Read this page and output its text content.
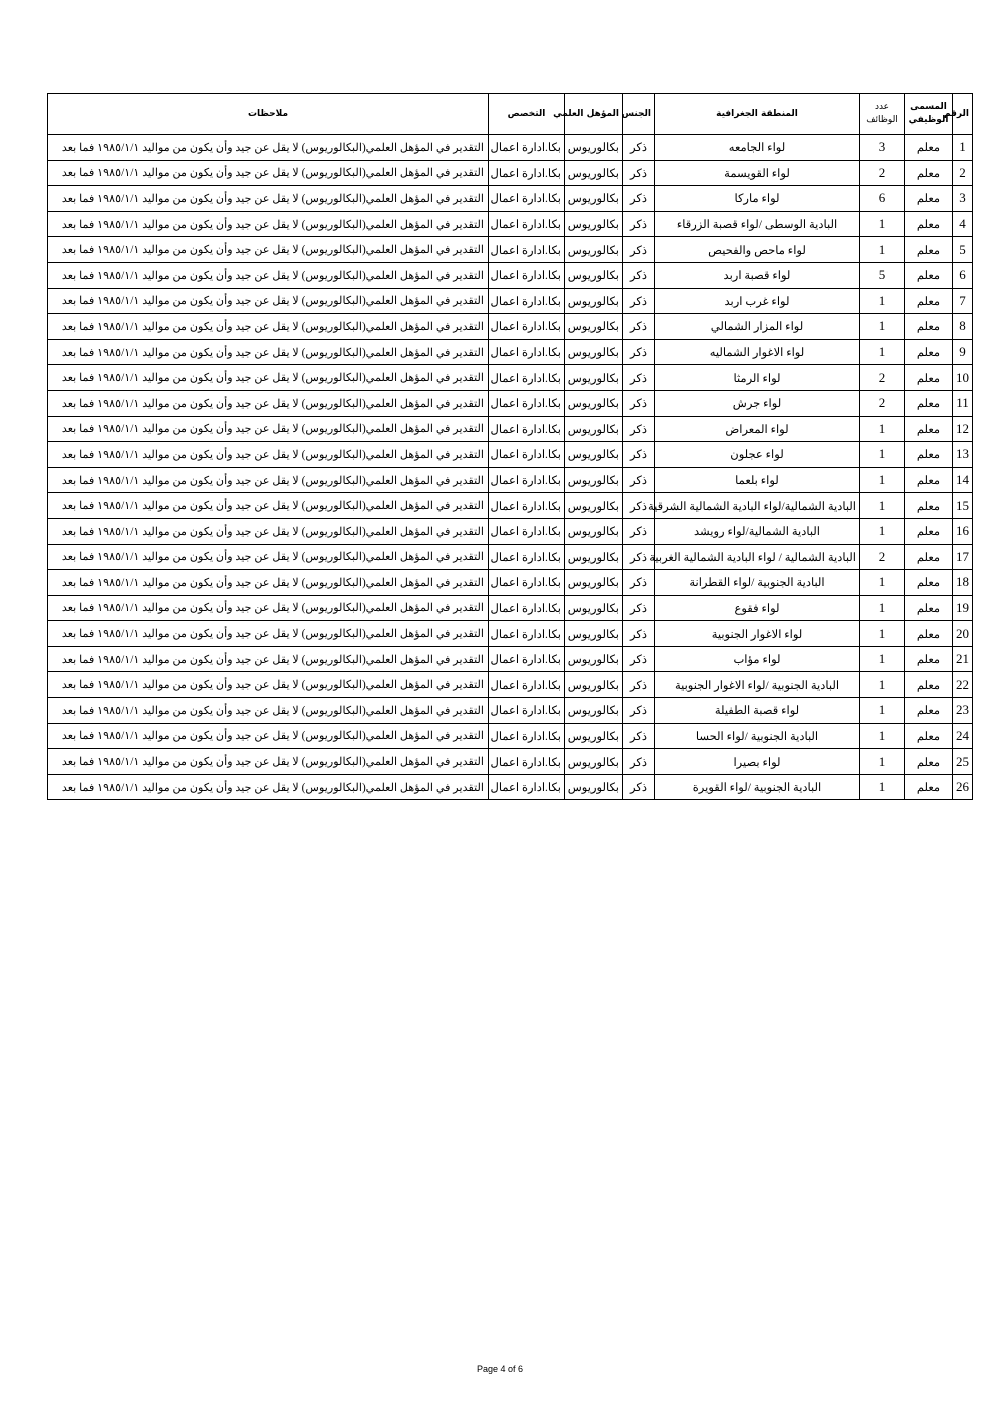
الرقم	المسمى الوظيفي	عدد الوظائف	المنطقة الجغرافية	الجنس	المؤهل العلمي	التخصص	ملاحظات
1	معلم	3	لواء الجامعه	ذكر	بكالوريوس	بكا.ادارة اعمال	التقدير في المؤهل العلمي(البكالوريوس) لا يقل عن جيد وأن يكون من مواليد ١٩٨٥/١/١ فما بعد
2	معلم	2	لواء القويسمة	ذكر	بكالوريوس	بكا.ادارة اعمال	التقدير في المؤهل العلمي(البكالوريوس) لا يقل عن جيد وأن يكون من مواليد ١٩٨٥/١/١ فما بعد
3	معلم	6	لواء ماركا	ذكر	بكالوريوس	بكا.ادارة اعمال	التقدير في المؤهل العلمي(البكالوريوس) لا يقل عن جيد وأن يكون من مواليد ١٩٨٥/١/١ فما بعد
4	معلم	1	البادية الوسطى /لواء قصبة الزرقاء	ذكر	بكالوريوس	بكا.ادارة اعمال	التقدير في المؤهل العلمي(البكالوريوس) لا يقل عن جيد وأن يكون من مواليد ١٩٨٥/١/١ فما بعد
5	معلم	1	لواء ماحص والفحيص	ذكر	بكالوريوس	بكا.ادارة اعمال	التقدير في المؤهل العلمي(البكالوريوس) لا يقل عن جيد وأن يكون من مواليد ١٩٨٥/١/١ فما بعد
6	معلم	5	لواء قصبة اربد	ذكر	بكالوريوس	بكا.ادارة اعمال	التقدير في المؤهل العلمي(البكالوريوس) لا يقل عن جيد وأن يكون من مواليد ١٩٨٥/١/١ فما بعد
7	معلم	1	لواء غرب اربد	ذكر	بكالوريوس	بكا.ادارة اعمال	التقدير في المؤهل العلمي(البكالوريوس) لا يقل عن جيد وأن يكون من مواليد ١٩٨٥/١/١ فما بعد
8	معلم	1	لواء المزار الشمالي	ذكر	بكالوريوس	بكا.ادارة اعمال	التقدير في المؤهل العلمي(البكالوريوس) لا يقل عن جيد وأن يكون من مواليد ١٩٨٥/١/١ فما بعد
9	معلم	1	لواء الاغوار الشماليه	ذكر	بكالوريوس	بكا.ادارة اعمال	التقدير في المؤهل العلمي(البكالوريوس) لا يقل عن جيد وأن يكون من مواليد ١٩٨٥/١/١ فما بعد
10	معلم	2	لواء الرمثا	ذكر	بكالوريوس	بكا.ادارة اعمال	التقدير في المؤهل العلمي(البكالوريوس) لا يقل عن جيد وأن يكون من مواليد ١٩٨٥/١/١ فما بعد
11	معلم	2	لواء جرش	ذكر	بكالوريوس	بكا.ادارة اعمال	التقدير في المؤهل العلمي(البكالوريوس) لا يقل عن جيد وأن يكون من مواليد ١٩٨٥/١/١ فما بعد
12	معلم	1	لواء المعراض	ذكر	بكالوريوس	بكا.ادارة اعمال	التقدير في المؤهل العلمي(البكالوريوس) لا يقل عن جيد وأن يكون من مواليد ١٩٨٥/١/١ فما بعد
13	معلم	1	لواء عجلون	ذكر	بكالوريوس	بكا.ادارة اعمال	التقدير في المؤهل العلمي(البكالوريوس) لا يقل عن جيد وأن يكون من مواليد ١٩٨٥/١/١ فما بعد
14	معلم	1	لواء بلعما	ذكر	بكالوريوس	بكا.ادارة اعمال	التقدير في المؤهل العلمي(البكالوريوس) لا يقل عن جيد وأن يكون من مواليد ١٩٨٥/١/١ فما بعد
15	معلم	1	البادية الشمالية/لواء البادية الشمالية الشرقية	ذكر	بكالوريوس	بكا.ادارة اعمال	التقدير في المؤهل العلمي(البكالوريوس) لا يقل عن جيد وأن يكون من مواليد ١٩٨٥/١/١ فما بعد
16	معلم	1	البادية الشمالية/لواء رويشد	ذكر	بكالوريوس	بكا.ادارة اعمال	التقدير في المؤهل العلمي(البكالوريوس) لا يقل عن جيد وأن يكون من مواليد ١٩٨٥/١/١ فما بعد
17	معلم	2	البادية الشمالية / لواء البادية الشمالية الغربية	ذكر	بكالوريوس	بكا.ادارة اعمال	التقدير في المؤهل العلمي(البكالوريوس) لا يقل عن جيد وأن يكون من مواليد ١٩٨٥/١/١ فما بعد
18	معلم	1	البادية الجنوبية /لواء القطرانة	ذكر	بكالوريوس	بكا.ادارة اعمال	التقدير في المؤهل العلمي(البكالوريوس) لا يقل عن جيد وأن يكون من مواليد ١٩٨٥/١/١ فما بعد
19	معلم	1	لواء فقوع	ذكر	بكالوريوس	بكا.ادارة اعمال	التقدير في المؤهل العلمي(البكالوريوس) لا يقل عن جيد وأن يكون من مواليد ١٩٨٥/١/١ فما بعد
20	معلم	1	لواء الاغوار الجنوبية	ذكر	بكالوريوس	بكا.ادارة اعمال	التقدير في المؤهل العلمي(البكالوريوس) لا يقل عن جيد وأن يكون من مواليد ١٩٨٥/١/١ فما بعد
21	معلم	1	لواء مؤاب	ذكر	بكالوريوس	بكا.ادارة اعمال	التقدير في المؤهل العلمي(البكالوريوس) لا يقل عن جيد وأن يكون من مواليد ١٩٨٥/١/١ فما بعد
22	معلم	1	البادية الجنوبية /لواء الاغوار الجنوبية	ذكر	بكالوريوس	بكا.ادارة اعمال	التقدير في المؤهل العلمي(البكالوريوس) لا يقل عن جيد وأن يكون من مواليد ١٩٨٥/١/١ فما بعد
23	معلم	1	لواء قصبة الطفيلة	ذكر	بكالوريوس	بكا.ادارة اعمال	التقدير في المؤهل العلمي(البكالوريوس) لا يقل عن جيد وأن يكون من مواليد ١٩٨٥/١/١ فما بعد
24	معلم	1	البادية الجنوبية /لواء الحسا	ذكر	بكالوريوس	بكا.ادارة اعمال	التقدير في المؤهل العلمي(البكالوريوس) لا يقل عن جيد وأن يكون من مواليد ١٩٨٥/١/١ فما بعد
25	معلم	1	لواء بصيرا	ذكر	بكالوريوس	بكا.ادارة اعمال	التقدير في المؤهل العلمي(البكالوريوس) لا يقل عن جيد وأن يكون من مواليد ١٩٨٥/١/١ فما بعد
26	معلم	1	البادية الجنوبية /لواء القويرة	ذكر	بكالوريوس	بكا.ادارة اعمال	التقدير في المؤهل العلمي(البكالوريوس) لا يقل عن جيد وأن يكون من مواليد ١٩٨٥/١/١ فما بعد
Page 4 of 6
